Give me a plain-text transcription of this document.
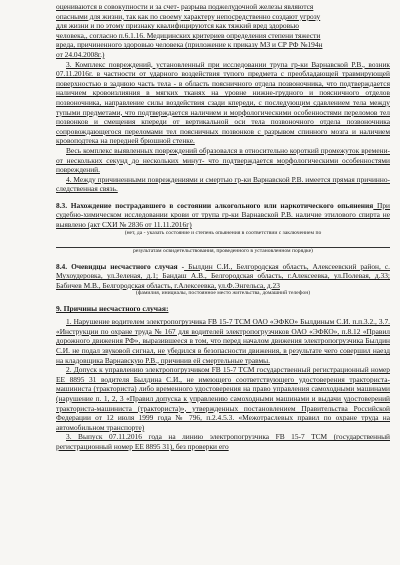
оцениваются в совокупности и за счет- разрыва поджелудочной железы являются

опасными для жизни, так как по своему характеру непосредственно создают угрозу

для жизни и по этому признаку квалифицируются как тяжкий вред здоровью

человека,, согласно п.6.1.16. Медицинских критериев определения степени тяжести

вреда, причиненного здоровью человека (приложение к приказу МЗ и СР РФ №194н

от 24.04.2008г.)

3. Комплекс повреждений, установленный при исследовании трупа гр-ки Варнавской Р.В., возник 07.11.2016г. в частности от ударного воздействия тупого предмета с преобладающей травмирующей поверхностью в заднюю часть тела - в область поясничного отдела позвоночника, что подтверждается наличием кровоизлияния в мягких тканях на уровне нижне-грудного и поясничного отделов позвоночника, направление силы воздействия сзади кпереди, с последующим сдавлением тела между тупыми предметами, что подтверждается наличием и морфологическими особенностями переломов тел позвонков и смещения кпереди от вертикальной оси тела позвоночного отдела позвоночника сопровождающегося переломами тел поясничных позвонков с разрывом спинного мозга и наличием кровоподтека на передней брюшной стенке.

Весь комплекс выявленных повреждений образовался в относительно короткий промежуток времени- от нескольких секунд до нескольких минут- что подтверждается морфологическими особенностями повреждений.

4. Между причиненными повреждениями и смертью гр-ки Варнавской Р.В. имеется прямая причинно-следственная связь.

8.3. Нахождение пострадавшего в состоянии алкогольного или наркотического опьянения При судебно-химическом исследовании крови от трупа гр-ки Варнавской Р.В. наличие этилового спирта не выявлено (акт СХИ № 2836 от 11.11.2016г)

(нет, да - указать состояние и степень опьянения в соответствии с заключением по

результатам освидетельствования, проведенного в установленном порядке)

8.4. Очевидцы несчастного случая - Былдин С.И., Белгородская область, Алексеевский район, с. Мухоудеровка, ул.Зеленая, д.1; Бандаш А.В., Белгородская область, г.Алексеевка, ул.Полевая, д.33; Бабичев М.В., Белгородская область, г.Алексеевка, ул.Ф.Энгельса, д.23

(фамилия, инициалы, постоянное место жительства, домашний телефон)

9. Причины несчастного случая:

1. Нарушение водителем электропогрузчика FB 15-7 TCM ОАО «ЭФКО» Былдиным С.И. п.п.3.2., 3.7. «Инструкции по охране труда № 167 для водителей электропогрузчиков ОАО «ЭФКО», п.8.12 «Правил дорожного движения РФ», выразившееся в том, что перед началом движения электропогрузчика Былдин С.И. не подал звуковой сигнал, не убедился в безопасности движения, в результате чего совершил наезд на кладовщика Варнавскую Р.В., причинив ей смертельные травмы.

2. Допуск к управлению электропогрузчиком FB 15-7 TCM государственный регистрационный номер ЕЕ 8895 31 водителя Былдина С.И., не имеющего соответствующего удостоверения тракториста-машиниста (тракториста) либо временного удостоверения на право управления самоходными машинами (нарушение п. 1, 2, 3 «Правил допуска к управлению самоходными машинами и выдачи удостоверений тракториста-машиниста (тракториста)», утвержденных постановлением Правительства Российской Федерации от 12 июля 1999 года № 796, п.2.4.5.3. «Межотраслевых правил по охране труда на автомобильном транспорте)

3. Выпуск 07.11.2016 года на линию электропогрузчика FB 15-7 TCM (государственный регистрационный номер ЕЕ 8895 31), без проверки его
